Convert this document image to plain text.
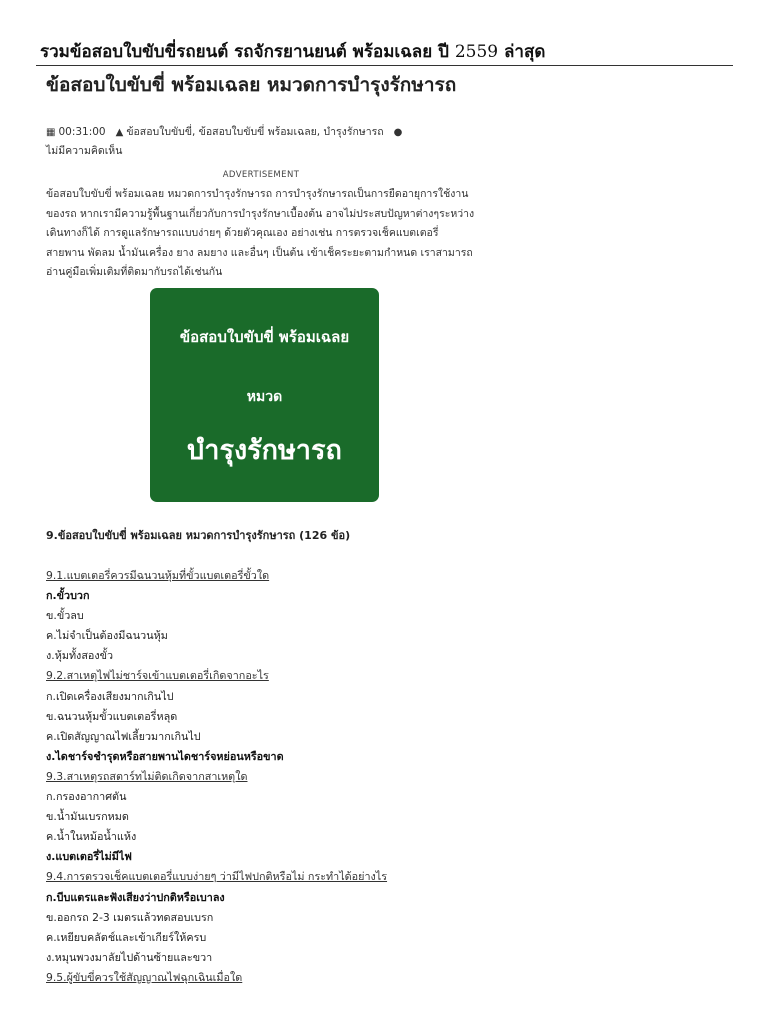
รวมข้อสอบใบขับขี่รถยนต์ รถจักรยานยนต์ พร้อมเฉลย ปี 2559 ล่าสุด
ข้อสอบใบขับขี่ พร้อมเฉลย หมวดการบำรุงรักษารถ
▦ 00:31:00 ▲ ข้อสอบใบขับขี่, ข้อสอบใบขับขี่ พร้อมเฉลย, บำรุงรักษารถ ●
ไม่มีความคิดเห็น
ADVERTISEMENT

ข้อสอบใบขับขี่ พร้อมเฉลย หมวดการบำรุงรักษารถ การบำรุงรักษารถเป็นการยืดอายุการใช้งานของรถ หากเรามีความรู้พื้นฐานเกี่ยวกับการบำรุงรักษาเบื้องต้น อาจไม่ประสบปัญหาต่างๆระหว่างเดินทางก็ได้ การดูแลรักษารถแบบง่ายๆ ด้วยตัวคุณเอง อย่างเช่น การตรวจเช็คแบตเตอรี่ สายพาน พัดลม น้ำมันเครื่อง ยาง ลมยาง และอื่นๆ เป็นต้น เข้าเช็คระยะตามกำหนด เราสามารถอ่านคู่มือเพิ่มเติมที่ติดมากับรถได้เช่นกัน

ข้อสอบใบขับขี่ พร้อมเฉลย
หมวด
บำรุงรักษารถ
9.ข้อสอบใบขับขี่ พร้อมเฉลย หมวดการบำรุงรักษารถ (126 ข้อ)
9.1.แบตเตอรี่ควรมีฉนวนหุ้มที่ขั้วแบตเตอรี่ขั้วใด
ก.ขั้วบวก
ข.ขั้วลบ
ค.ไม่จำเป็นต้องมีฉนวนหุ้ม
ง.หุ้มทั้งสองขั้ว
9.2.สาเหตุไฟไม่ชาร์จเข้าแบตเตอรี่เกิดจากอะไร
ก.เปิดเครื่องเสียงมากเกินไป
ข.ฉนวนหุ้มขั้วแบตเตอรี่หลุด
ค.เปิดสัญญาณไฟเลี้ยวมากเกินไป
ง.ไดชาร์จชำรุดหรือสายพานไดชาร์จหย่อนหรือขาด
9.3.สาเหตุรถสตาร์ทไม่ติดเกิดจากสาเหตุใด
ก.กรองอากาศตัน
ข.น้ำมันเบรกหมด
ค.น้ำในหม้อน้ำแห้ง
ง.แบตเตอรี่ไม่มีไฟ
9.4.การตรวจเช็คแบตเตอรี่แบบง่ายๆ ว่ามีไฟปกติหรือไม่ กระทำได้อย่างไร
ก.บีบแตรและฟังเสียงว่าปกติหรือเบาลง
ข.ออกรถ 2-3 เมตรแล้วทดสอบเบรก
ค.เหยียบคลัตช์และเข้าเกียร์ให้ครบ
ง.หมุนพวงมาลัยไปด้านซ้ายและขวา
9.5.ผู้ขับขี่ควรใช้สัญญาณไฟฉุกเฉินเมื่อใด
